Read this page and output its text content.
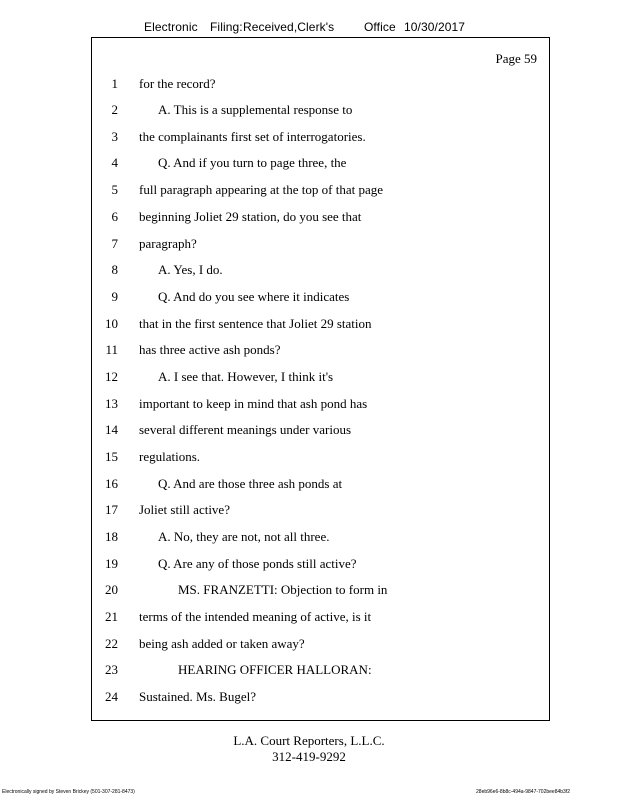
Electronic Filing:Received,Clerk's Office 10/30/2017
Page 59
1 for the record?
2	A. This is a supplemental response to
3 the complainants first set of interrogatories.
4	Q. And if you turn to page three, the
5 full paragraph appearing at the top of that page
6 beginning Joliet 29 station, do you see that
7 paragraph?
8	A. Yes, I do.
9	Q. And do you see where it indicates
10 that in the first sentence that Joliet 29 station
11 has three active ash ponds?
12	A. I see that. However, I think it's
13 important to keep in mind that ash pond has
14 several different meanings under various
15 regulations.
16	Q. And are those three ash ponds at
17 Joliet still active?
18	A. No, they are not, not all three.
19	Q. Are any of those ponds still active?
20	MS. FRANZETTI: Objection to form in
21 terms of the intended meaning of active, is it
22 being ash added or taken away?
23	HEARING OFFICER HALLORAN:
24 Sustained. Ms. Bugel?
L.A. Court Reporters, L.L.C.
312-419-9292
Electronically signed by Steven Brickey (501-307-281-8473)	28eb96e6-8b8c-494a-9847-702bee84b3f2
